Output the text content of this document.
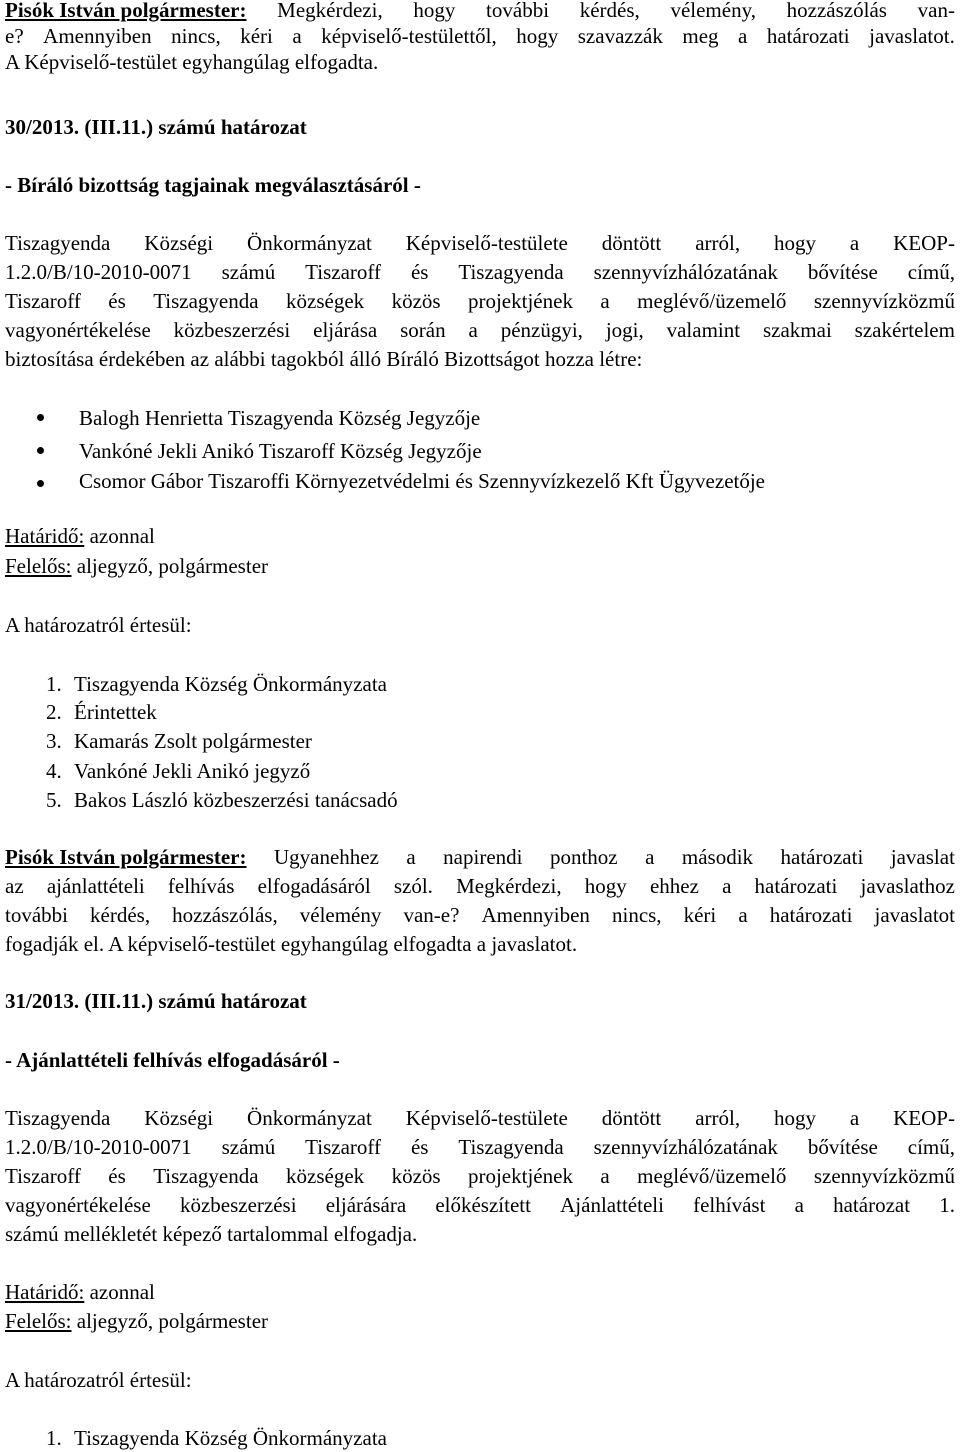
Pisók István polgármester: Megkérdezi, hogy további kérdés, vélemény, hozzászólás van-
e? Amennyiben nincs, kéri a képviselő-testülettől, hogy szavazzák meg a határozati javaslatot.
A Képviselő-testület egyhangúlag elfogadta.
30/2013. (III.11.) számú határozat
- Bíráló bizottság tagjainak megválasztásáról -
Tiszagyenda Községi Önkormányzat Képviselő-testülete döntött arról, hogy a KEOP-
1.2.0/B/10-2010-0071 számú Tiszaroff és Tiszagyenda szennyvízhálózatának bővítése című,
Tiszaroff és Tiszagyenda községek közös projektjének a meglévő/üzemelő szennyvízközmű
vagyonértékelése közbeszerzési eljárása során a pénzügyi, jogi, valamint szakmai szakértelem
biztosítása érdekében az alábbi tagokból álló Bíráló Bizottságot hozza létre:
Balogh Henrietta Tiszagyenda Község Jegyzője
Vankóné Jekli Anikó Tiszaroff Község Jegyzője
Csomor Gábor Tiszaroffi Környezetvédelmi és Szennyvízkezelő Kft Ügyvezetője
Határidő: azonnal
Felelős: aljegyző, polgármester
A határozatról értesül:
1. Tiszagyenda Község Önkormányzata
2. Érintettek
3. Kamarás Zsolt polgármester
4. Vankóné Jekli Anikó jegyző
5. Bakos László közbeszerzési tanácsadó
Pisók István polgármester: Ugyanehhez a napirendi ponthoz a második határozati javaslat
az ajánlattételi felhívás elfogadásáról szól. Megkérdezi, hogy ehhez a határozati javaslathoz
további kérdés, hozzászólás, vélemény van-e? Amennyiben nincs, kéri a határozati javaslatot
fogadják el. A képviselő-testület egyhangúlag elfogadta a javaslatot.
31/2013. (III.11.) számú határozat
- Ajánlattételi felhívás elfogadásáról -
Tiszagyenda Községi Önkormányzat Képviselő-testülete döntött arról, hogy a KEOP-
1.2.0/B/10-2010-0071 számú Tiszaroff és Tiszagyenda szennyvízhálózatának bővítése című,
Tiszaroff és Tiszagyenda községek közös projektjének a meglévő/üzemelő szennyvízközmű
vagyonértékelése közbeszerzési eljárására előkészített Ajánlattételi felhívást a határozat 1.
számú mellékletét képező tartalommal elfogadja.
Határidő: azonnal
Felelős: aljegyző, polgármester
A határozatról értesül:
1. Tiszagyenda Község Önkormányzata
